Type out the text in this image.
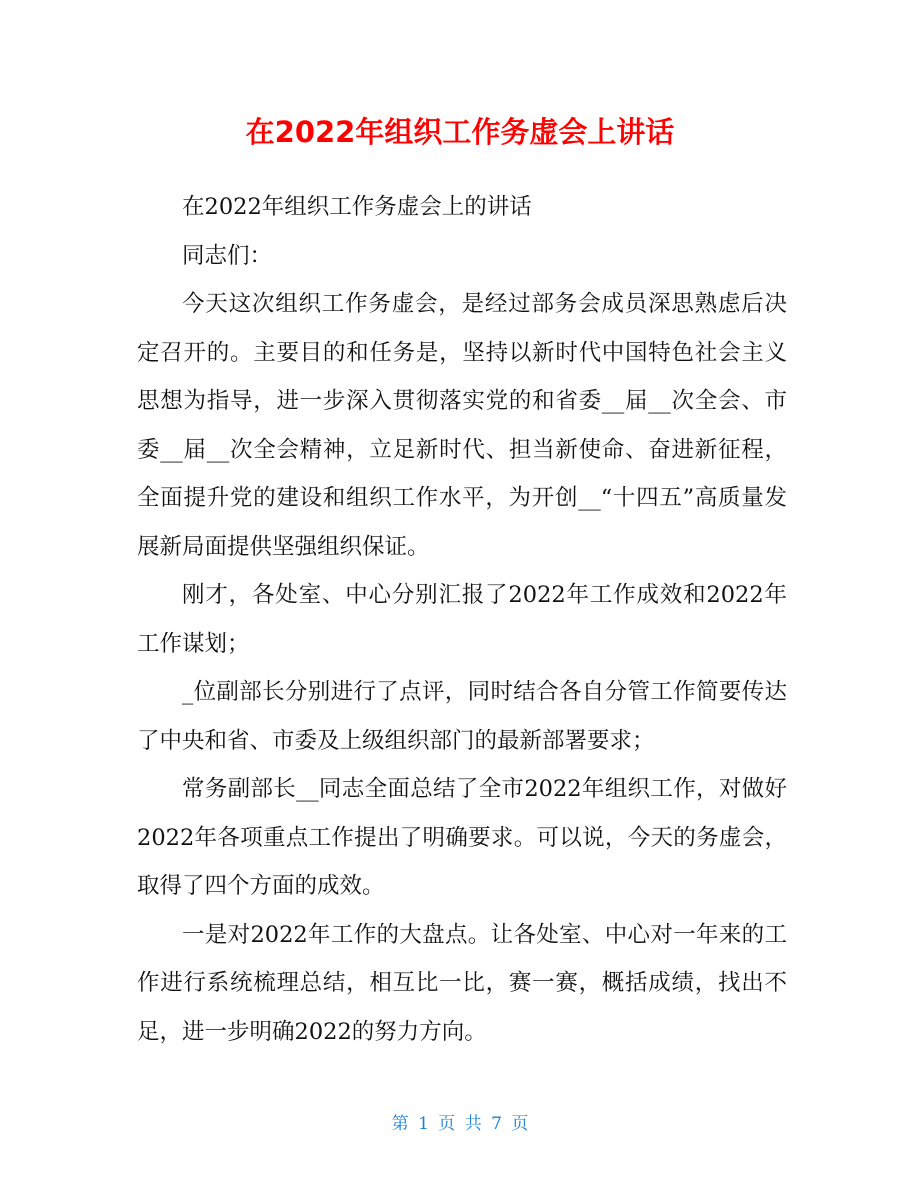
在2022年组织工作务虚会上讲话

在2022年组织工作务虚会上的讲话

同志们：

今天这次组织工作务虚会，是经过部务会成员深思熟虑后决定召开的。主要目的和任务是，坚持以新时代中国特色社会主义思想为指导，进一步深入贯彻落实党的和省委__届__次全会、市委__届__次全会精神，立足新时代、担当新使命、奋进新征程，全面提升党的建设和组织工作水平，为开创__“十四五”高质量发展新局面提供坚强组织保证。

刚才，各处室、中心分别汇报了2022年工作成效和2022年工作谋划；

_位副部长分别进行了点评，同时结合各自分管工作简要传达了中央和省、市委及上级组织部门的最新部署要求；

常务副部长__同志全面总结了全市2022年组织工作，对做好2022年各项重点工作提出了明确要求。可以说，今天的务虚会，取得了四个方面的成效。

一是对2022年工作的大盘点。让各处室、中心对一年来的工作进行系统梳理总结，相互比一比，赛一赛，概括成绩，找出不足，进一步明确2022的努力方向。

第 1 页 共 7 页
